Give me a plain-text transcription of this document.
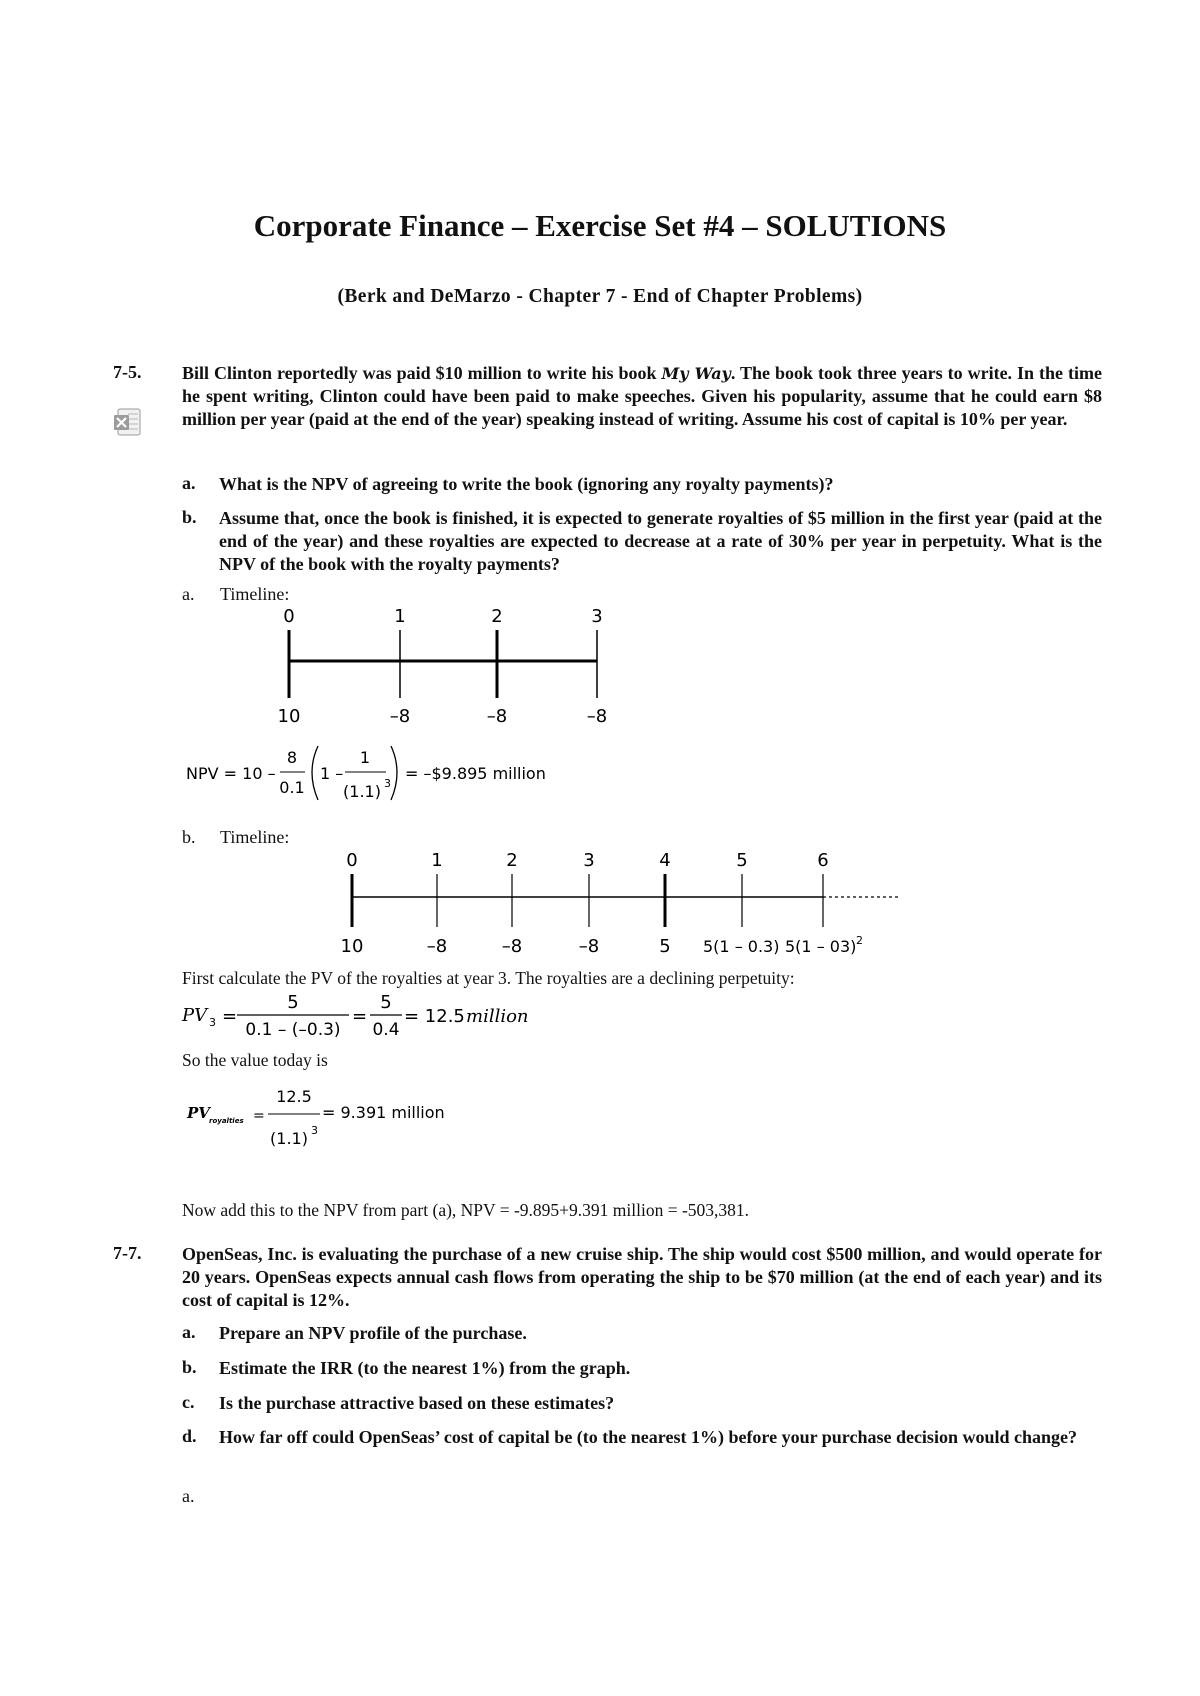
Corporate Finance – Exercise Set #4 – SOLUTIONS
(Berk and DeMarzo - Chapter 7 - End of Chapter Problems)
7-5. Bill Clinton reportedly was paid $10 million to write his book My Way. The book took three years to write. In the time he spent writing, Clinton could have been paid to make speeches. Given his popularity, assume that he could earn $8 million per year (paid at the end of the year) speaking instead of writing. Assume his cost of capital is 10% per year.
a. What is the NPV of agreeing to write the book (ignoring any royalty payments)?
b. Assume that, once the book is finished, it is expected to generate royalties of $5 million in the first year (paid at the end of the year) and these royalties are expected to decrease at a rate of 30% per year in perpetuity. What is the NPV of the book with the royalty payments?
a. Timeline:
0	1	2	3
10	–8	–8	–8
NPV = 10 –
8
0.1
1 –
1
(1.1) 3
= –$9.895 million
0	1	2	3	4	5	6
10	–8	–8	–8	5 5(1 – 0.3) 5(1 – 03) 2
PV 3 =
5
0.1 – (–0.3)
=
5
0.4
= 12.5 million
PV royalties =
12.5
(1.1) 3
= 9.391 million
b. Timeline:
First calculate the PV of the royalties at year 3. The royalties are a declining perpetuity:
So the value today is
Now add this to the NPV from part (a), NPV = -9.895+9.391 million = -503,381.
7-7. OpenSeas, Inc. is evaluating the purchase of a new cruise ship. The ship would cost $500 million, and would operate for 20 years. OpenSeas expects annual cash flows from operating the ship to be $70 million (at the end of each year) and its cost of capital is 12%.
a. Prepare an NPV profile of the purchase.
b. Estimate the IRR (to the nearest 1%) from the graph.
c. Is the purchase attractive based on these estimates?
d. How far off could OpenSeas’ cost of capital be (to the nearest 1%) before your purchase decision would change?
a.
